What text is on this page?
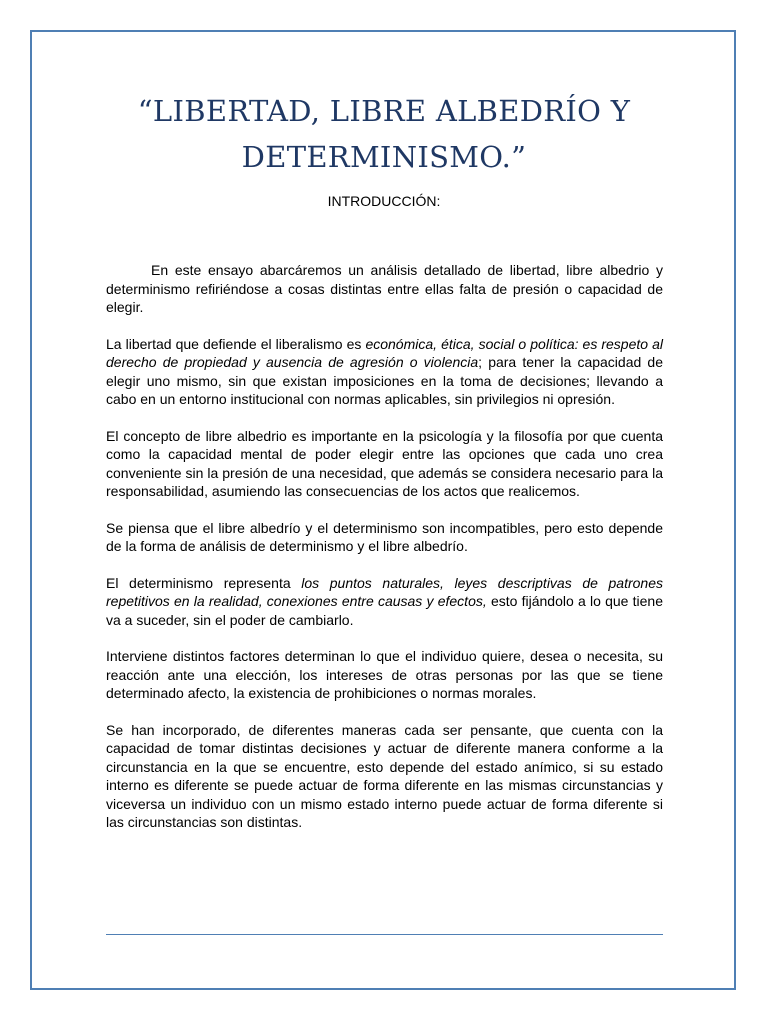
“LIBERTAD, LIBRE ALBEDRÍO Y DETERMINISMO.”
INTRODUCCIÓN:

En este ensayo abarcáremos un análisis detallado de libertad, libre albedrio y determinismo refiriéndose a cosas distintas entre ellas falta de presión o capacidad de elegir.

La libertad que defiende el liberalismo es económica, ética, social o política: es respeto al derecho de propiedad y ausencia de agresión o violencia; para tener la capacidad de elegir uno mismo, sin que existan imposiciones en la toma de decisiones; llevando a cabo en un entorno institucional con normas aplicables, sin privilegios ni opresión.

El concepto de libre albedrio es importante en la psicología y la filosofía por que cuenta como la capacidad mental de poder elegir entre las opciones que cada uno crea conveniente sin la presión de una necesidad, que además se considera necesario para la responsabilidad, asumiendo las consecuencias de los actos que realicemos.

Se piensa que el libre albedrío y el determinismo son incompatibles, pero esto depende de la forma de análisis de determinismo y el libre albedrío.

El determinismo representa los puntos naturales, leyes descriptivas de patrones repetitivos en la realidad, conexiones entre causas y efectos, esto fijándolo a lo que tiene va a suceder, sin el poder de cambiarlo.

Interviene distintos factores determinan lo que el individuo quiere, desea o necesita, su reacción ante una elección, los intereses de otras personas por las que se tiene determinado afecto, la existencia de prohibiciones o normas morales.

Se han incorporado, de diferentes maneras cada ser pensante, que cuenta con la capacidad de tomar distintas decisiones y actuar de diferente manera conforme a la circunstancia en la que se encuentre, esto depende del estado anímico, si su estado interno es diferente se puede actuar de forma diferente en las mismas circunstancias y viceversa un individuo con un mismo estado interno puede actuar de forma diferente si las circunstancias son distintas.
